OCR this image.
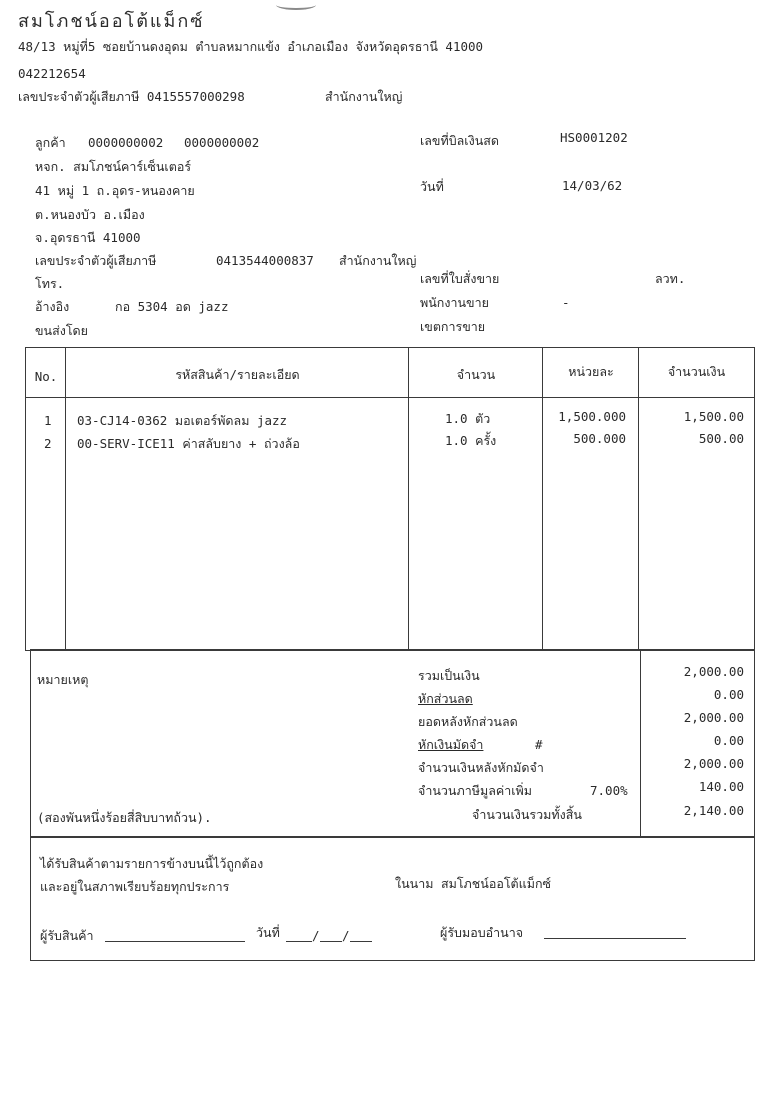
สมโภชน์ออโต้แม็กซ์
48/13 หมู่ที่5 ซอยบ้านดงอุดม ตำบลหมากแข้ง อำเภอเมือง จังหวัดอุดรธานี 41000
042212654
เลขประจำตัวผู้เสียภาษี 0415557000298	สำนักงานใหญ่
ลูกค้า 0000000002 0000000002
หจก. สมโภชน์คาร์เซ็นเตอร์
41 หมู่ 1 ถ.อุดร-หนองคาย
ต.หนองบัว อ.เมือง
จ.อุดรธานี 41000
เลขประจำตัวผู้เสียภาษี	0413544000837 สำนักงานใหญ่
โทร.
อ้างอิง	กอ 5304 อด jazz
ขนส่งโดย
เลขที่บิลเงินสด	HS0001202
วันที่	14/03/62
เลขที่ใบสั่งขาย	ลวท.
พนักงานขาย	-
เขตการขาย
No.	รหัสสินค้า/รายละเอียด	จำนวน	หน่วยละ	จำนวนเงิน
1 03-CJ14-0362 มอเตอร์พัดลม jazz	1.0 ตัว	1,500.000	1,500.00
2 00-SERV-ICE11 ค่าสลับยาง + ถ่วงล้อ	1.0 ครั้ง	500.000	500.00
หมายเหตุ	รวมเป็นเงิน	2,000.00
หักส่วนลด	0.00
ยอดหลังหักส่วนลด	2,000.00
หักเงินมัดจำ	#	0.00
จำนวนเงินหลังหักมัดจำ	2,000.00
จำนวนภาษีมูลค่าเพิ่ม	7.00%	140.00
(สองพันหนึ่งร้อยสี่สิบบาทถ้วน).	จำนวนเงินรวมทั้งสิ้น	2,140.00
ได้รับสินค้าตามรายการข้างบนนี้ไว้ถูกต้อง
และอยู่ในสภาพเรียบร้อยทุกประการ	ในนาม สมโภชน์ออโต้แม็กซ์
ผู้รับสินค้า	วันที่	/ /	ผู้รับมอบอำนาจ
